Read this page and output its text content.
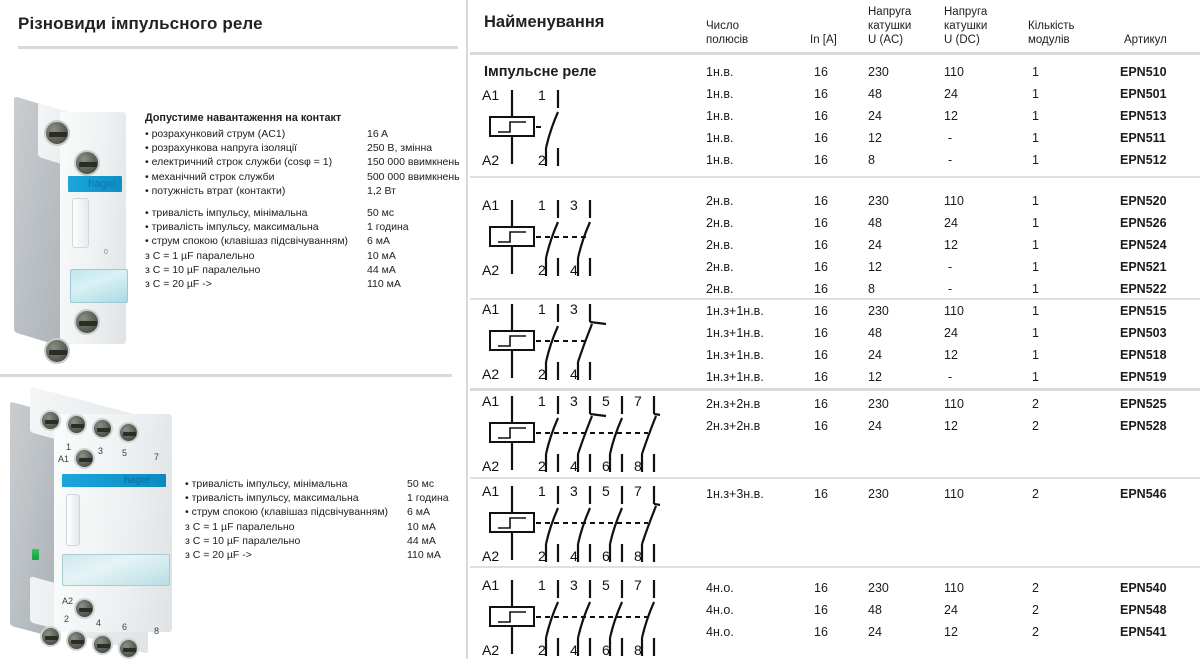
Різновиди імпульсного реле
hager
0
Допустиме навантаження на контакт
• розрахунковий струм (AC1)	16 A
• розрахункова напруга ізоляції	250 В, змінна
• електричний строк служби (cosφ = 1)	150 000 ввимкнень
• механічний строк служби	500 000 ввимкнень
• потужність втрат (контакти)	1,2 Вт
• тривалість імпульсу, мінімальна	50 мс
• тривалість імпульсу, максимальна	1 година
• струм спокою (клавішаз підсвічуванням)	6 мА
з C = 1 µF паралельно	10 мА
з C = 10 µF паралельно	44 мА
з C = 20 µF ->	110 мА
hager
1	3 5	7
A1
A2
2	4 6	8
Найменування	Число
полюсів	In [A]
Напруга
катушки
U (AC)
Напруга
катушки
U (DC)
Кількість
модулів	Артикул
Імпульсне реле
A1
A2
1
2
1н.в.	16	230	110	1	EPN510
1н.в.	16	48	24	1	EPN501
1н.в.	16	24	12	1	EPN513
1н.в.	16	12	-	1	EPN511
1н.в.	16	8	-	1	EPN512
A1
A2
1
2
3
4
2н.в.	16	230	110	1	EPN520
2н.в.	16	48	24	1	EPN526
2н.в.	16	24	12	1	EPN524
2н.в.	16	12	-	1	EPN521
2н.в.	16	8	-	1	EPN522
A1
A2
1
2
3
4
1н.з+1н.в.	16	230	110	1	EPN515
1н.з+1н.в.	16	48	24	1	EPN503
1н.з+1н.в.	16	24	12	1	EPN518
1н.з+1н.в.	16	12	-	1	EPN519
A1
A2
1
2
3
4
5
6
7
8
2н.з+2н.в	16	230	110	2	EPN525
2н.з+2н.в	16	24	12	2	EPN528
A1
A2
1
2
3
4
5
6
7
8
1н.з+3н.в.	16	230	110	2	EPN546
A1
A2
1
2
3
4
5
6
7
8
4н.о.	16	230	110	2	EPN540
4н.о.	16	48	24	2	EPN548
4н.о.	16	24	12	2	EPN541
• тривалість імпульсу, мінімальна	50 мс
• тривалість імпульсу, максимальна	1 година
• струм спокою (клавішаз підсвічуванням)	6 мА
з C = 1 µF паралельно	10 мА
з C = 10 µF паралельно	44 мА
з C = 20 µF ->	110 мА
